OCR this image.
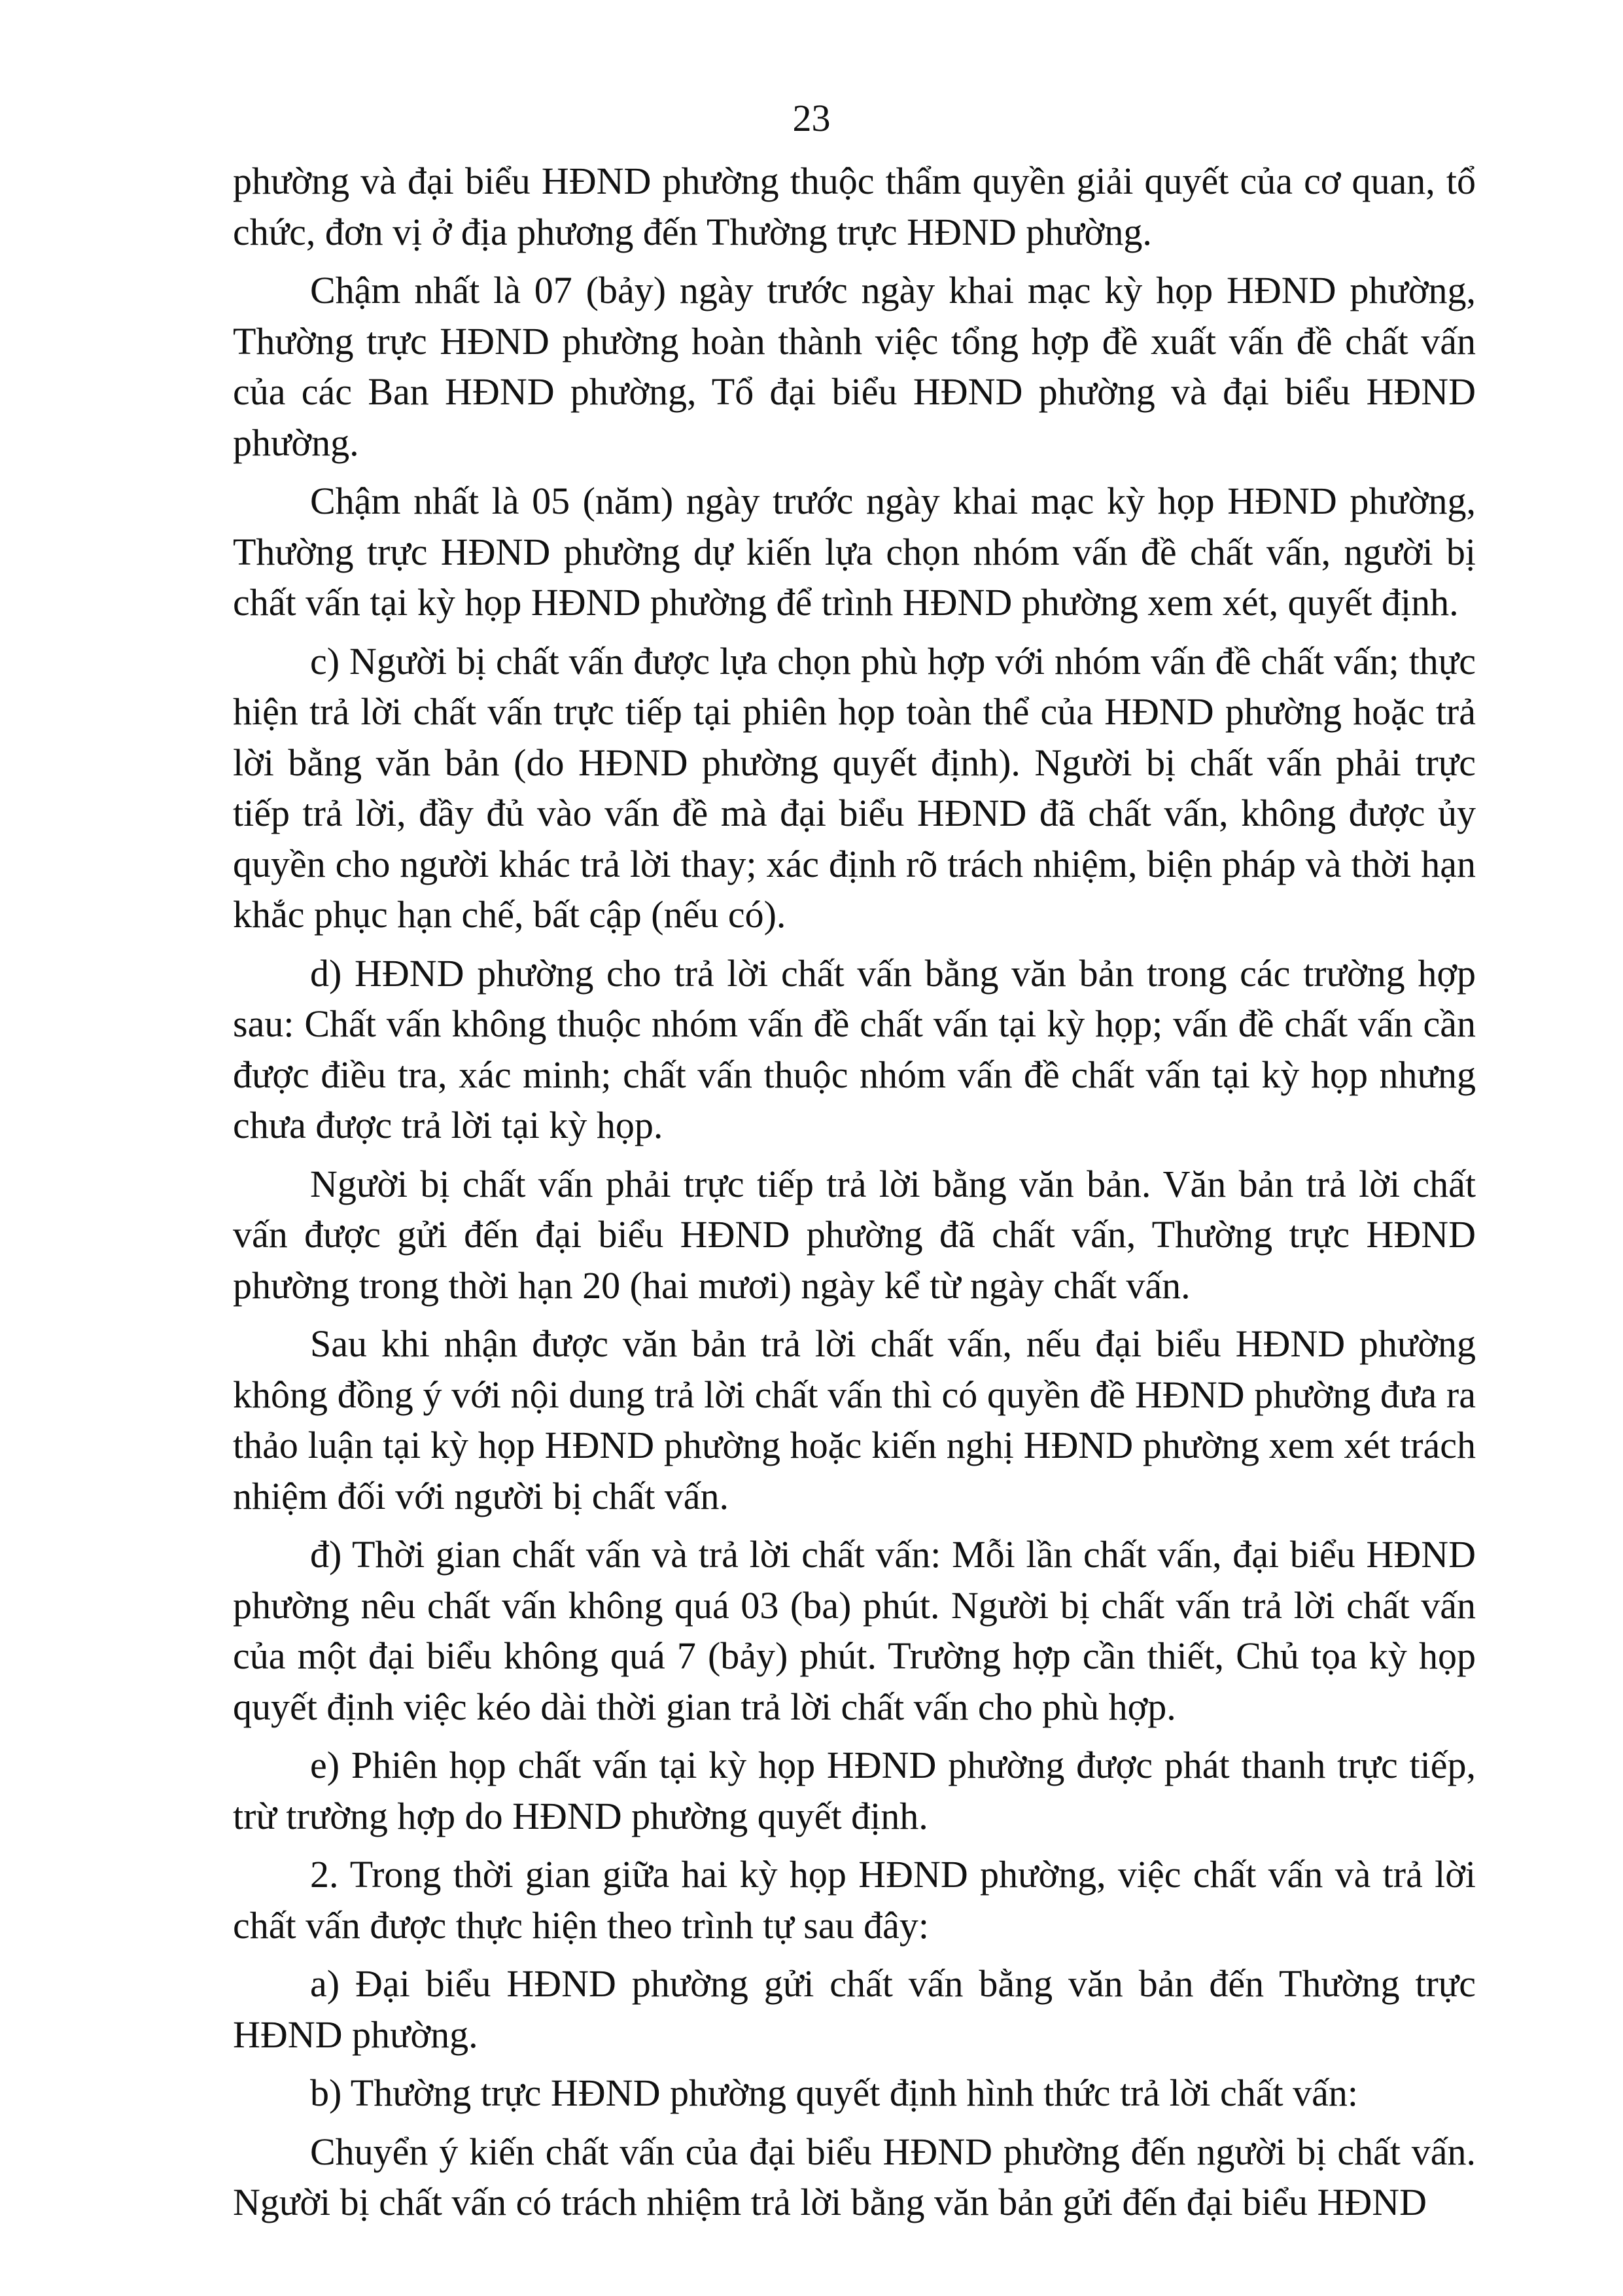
23

phường và đại biểu HĐND phường thuộc thẩm quyền giải quyết của cơ quan, tổ chức, đơn vị ở địa phương đến Thường trực HĐND phường.

Chậm nhất là 07 (bảy) ngày trước ngày khai mạc kỳ họp HĐND phường, Thường trực HĐND phường hoàn thành việc tổng hợp đề xuất vấn đề chất vấn của các Ban HĐND phường, Tổ đại biểu HĐND phường và đại biểu HĐND phường.

Chậm nhất là 05 (năm) ngày trước ngày khai mạc kỳ họp HĐND phường, Thường trực HĐND phường dự kiến lựa chọn nhóm vấn đề chất vấn, người bị chất vấn tại kỳ họp HĐND phường để trình HĐND phường xem xét, quyết định.

c) Người bị chất vấn được lựa chọn phù hợp với nhóm vấn đề chất vấn; thực hiện trả lời chất vấn trực tiếp tại phiên họp toàn thể của HĐND phường hoặc trả lời bằng văn bản (do HĐND phường quyết định). Người bị chất vấn phải trực tiếp trả lời, đầy đủ vào vấn đề mà đại biểu HĐND đã chất vấn, không được ủy quyền cho người khác trả lời thay; xác định rõ trách nhiệm, biện pháp và thời hạn khắc phục hạn chế, bất cập (nếu có).

d) HĐND phường cho trả lời chất vấn bằng văn bản trong các trường hợp sau: Chất vấn không thuộc nhóm vấn đề chất vấn tại kỳ họp; vấn đề chất vấn cần được điều tra, xác minh; chất vấn thuộc nhóm vấn đề chất vấn tại kỳ họp nhưng chưa được trả lời tại kỳ họp.

Người bị chất vấn phải trực tiếp trả lời bằng văn bản. Văn bản trả lời chất vấn được gửi đến đại biểu HĐND phường đã chất vấn, Thường trực HĐND phường trong thời hạn 20 (hai mươi) ngày kể từ ngày chất vấn.

Sau khi nhận được văn bản trả lời chất vấn, nếu đại biểu HĐND phường không đồng ý với nội dung trả lời chất vấn thì có quyền đề HĐND phường đưa ra thảo luận tại kỳ họp HĐND phường hoặc kiến nghị HĐND phường xem xét trách nhiệm đối với người bị chất vấn.

đ) Thời gian chất vấn và trả lời chất vấn: Mỗi lần chất vấn, đại biểu HĐND phường nêu chất vấn không quá 03 (ba) phút. Người bị chất vấn trả lời chất vấn của một đại biểu không quá 7 (bảy) phút. Trường hợp cần thiết, Chủ tọa kỳ họp quyết định việc kéo dài thời gian trả lời chất vấn cho phù hợp.

e) Phiên họp chất vấn tại kỳ họp HĐND phường được phát thanh trực tiếp, trừ trường hợp do HĐND phường quyết định.

2. Trong thời gian giữa hai kỳ họp HĐND phường, việc chất vấn và trả lời chất vấn được thực hiện theo trình tự sau đây:

a) Đại biểu HĐND phường gửi chất vấn bằng văn bản đến Thường trực HĐND phường.

b) Thường trực HĐND phường quyết định hình thức trả lời chất vấn:

Chuyển ý kiến chất vấn của đại biểu HĐND phường đến người bị chất vấn. Người bị chất vấn có trách nhiệm trả lời bằng văn bản gửi đến đại biểu HĐND
